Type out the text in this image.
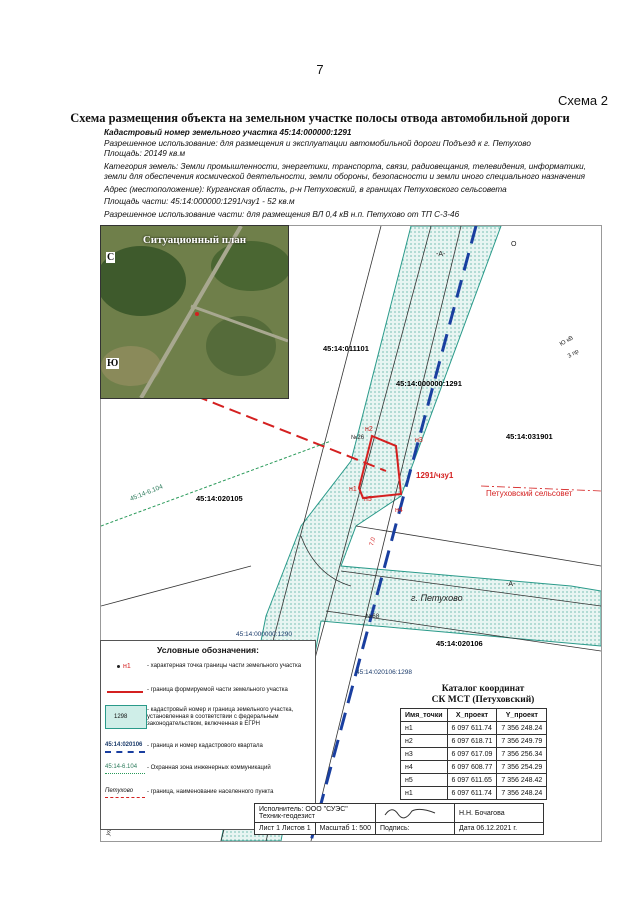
7
Схема 2
Схема размещения объекта на земельном участке полосы отвода автомобильной дороги
Кадастровый номер земельного участка 45:14:000000:1291
Разрешенное использование: для размещения и эксплуатации автомобильной дороги Подъезд к г. Петухово
Площадь: 20149 кв.м
Категория земель: Земли промышленности, энергетики, транспорта, связи, радиовещания, телевидения, информатики,
земли для обеспечения космической деятельности, земли обороны, безопасности и земли иного специального назначения
Адрес (местоположение): Курганская область, р-н Петуховский, в границах Петуховского сельсовета
Площадь части: 45:14:000000:1291/чзу1 - 52 кв.м
Разрешенное использование части: для размещения ВЛ 0,4 кВ н.п. Петухово от ТП С-3-46
45:14:011101
45:14:000000:1291
45:14:031901
45:14:020105
1291/чзу1
Петуховский сельсовет
г. Петухово
45:14:020106
45:14:000000:1290
45:14:020106:1298
45:14-6.104	н1
н2
н3
н4
н5
7,0
№26
№68
-А-
-А-
Ю кВ
3 пр
О
Ситуационный план
С
Ю
Условные обозначения:
н1	- характерная точка границы части земельного участка
- граница формируемой части земельного участка
1298
- кадастровый номер и граница земельного участка, установленная в соответствии с федеральным законодательством, включенная в ЕГРН
45:14:020106 - граница и номер кадастрового квартала
45:14-6.104 - Охранная зона инженерных коммуникаций
Петухово - граница, наименование населенного пункта
Каталог координат
СК МСТ (Петуховский)
Имя_точки	Х_проект	Y_проект
н1	6 097 611.74	7 356 248.24
н2	6 097 618.71	7 356 249.79
н3	6 097 617.09	7 356 256.34
н4	6 097 608.77	7 356 254.29
н5	6 097 611.65	7 356 248.42
н1	6 097 611.74	7 356 248.24
Исполнитель: ООО "СУЭС"
Техник-геодезист			Н.Н. Бочагова
Лист 1 Листов 1	Масштаб 1: 500	Подпись:	Дата 06.12.2021 г.
